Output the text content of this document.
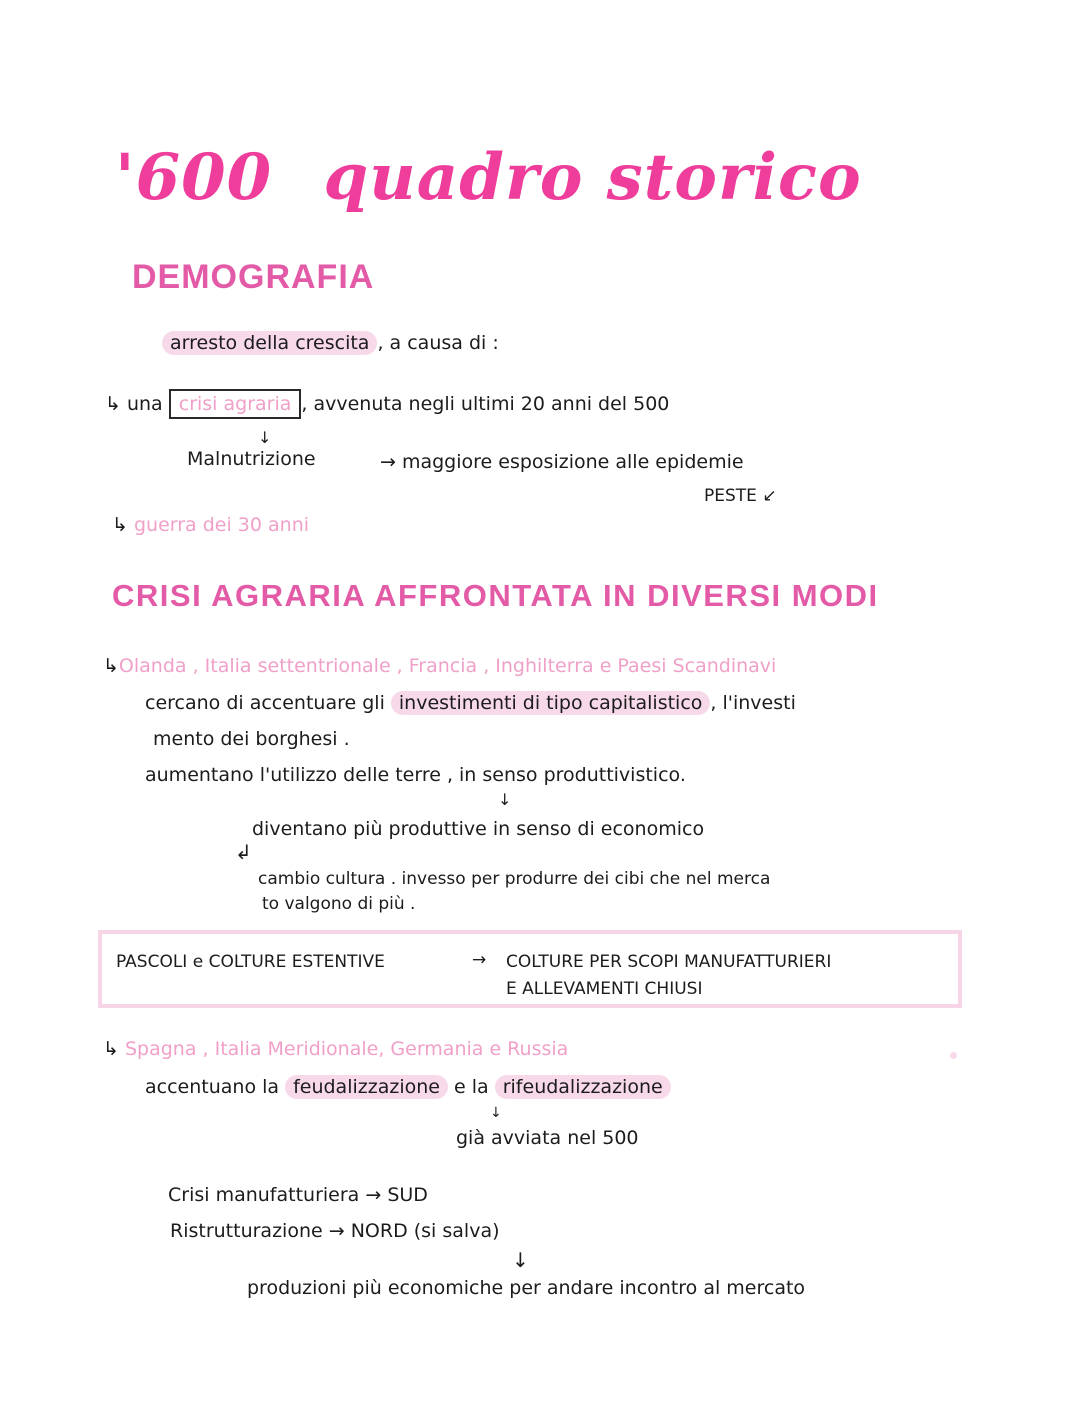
'600 quadro storico
DEMOGRAFIA
arresto della crescita , a causa di :
↳ una crisi agraria , avvenuta negli ultimi 20 anni del 500
↓
Malnutrizione	→ maggiore esposizione alle epidemie
PESTE ↙
↳ guerra dei 30 anni
CRISI AGRARIA AFFRONTATA IN DIVERSI MODI
↳Olanda , Italia settentrionale , Francia , Inghilterra e Paesi Scandinavi
cercano di accentuare gli investimenti di tipo capitalistico , l'investi
mento dei borghesi .
aumentano l'utilizzo delle terre , in senso produttivistico.
↓
diventano più produttive in senso di economico
↲
cambio cultura . invesso per produrre dei cibi che nel merca
to valgono di più .
PASCOLI e COLTURE ESTENTIVE	→ COLTURE PER SCOPI MANUFATTURIERI
E ALLEVAMENTI CHIUSI
↳ Spagna , Italia Meridionale, Germania e Russia
accentuano la feudalizzazione e la rifeudalizzazione
↓
già avviata nel 500
Crisi manufatturiera → SUD
Ristrutturazione → NORD (si salva)
↓
produzioni più economiche per andare incontro al mercato
